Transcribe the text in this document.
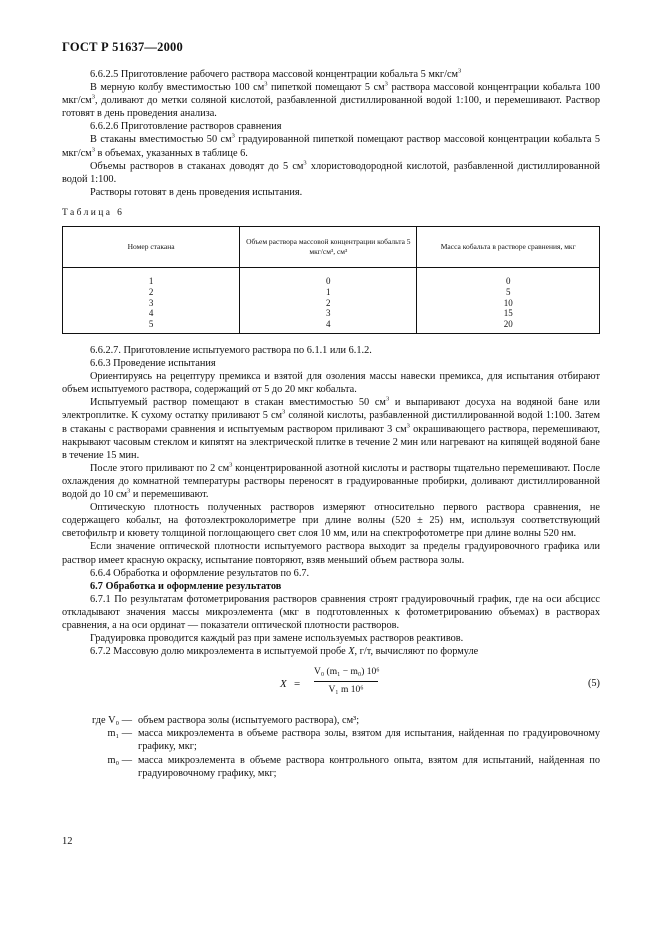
ГОСТ Р 51637—2000

6.6.2.5 Приготовление рабочего раствора массовой концентрации кобальта 5 мкг/$см^3$

В мерную колбу вместимостью 100 $см^3$ пипеткой помещают 5 $см^3$ раствора массовой концентрации кобальта 100 мкг/$см^3$, доливают до метки соляной кислотой, разбавленной дистиллированной водой 1:100, и перемешивают. Раствор готовят в день проведения анализа.

6.6.2.6 Приготовление растворов сравнения

В стаканы вместимостью 50 $см^3$ градуированной пипеткой помещают раствор массовой концентрации кобальта 5 мкг/$см^3$ в объемах, указанных в таблице 6.

Объемы растворов в стаканах доводят до 5 $см^3$ хлористоводородной кислотой, разбавленной дистиллированной водой 1:100.

Растворы готовят в день проведения испытания.

Таблица 6
Номер стакана	Объем раствора массовой концентрации кобальта 5 мкг/см³, см³	Масса кобальта в растворе сравнения, мкг

1	0	0
2	1	5
3	2	10
4	3	15
5	4	20

6.6.2.7. Приготовление испытуемого раствора по 6.1.1 или 6.1.2.

6.6.3 Проведение испытания

Ориентируясь на рецептуру премикса и взятой для озоления массы навески премикса, для испытания отбирают объем испытуемого раствора, содержащий от 5 до 20 мкг кобальта.

Испытуемый раствор помещают в стакан вместимостью 50 $см^3$ и выпаривают досуха на водяной бане или электроплитке. К сухому остатку приливают 5 $см^3$ соляной кислоты, разбавленной дистиллированной водой 1:100. Затем в стаканы с растворами сравнения и испытуемым раствором приливают 3 $см^3$ окрашивающего раствора, перемешивают, накрывают часовым стеклом и кипятят на электрической плитке в течение 2 мин или нагревают на кипящей водяной бане в течение 15 мин.

После этого приливают по 2 $см^3$ концентрированной азотной кислоты и растворы тщательно перемешивают. После охлаждения до комнатной температуры растворы переносят в градуированные пробирки, доливают дистиллированной водой до 10 $см^3$ и перемешивают.

Оптическую плотность полученных растворов измеряют относительно первого раствора сравнения, не содержащего кобальт, на фотоэлектроколориметре при длине волны (520 ± 25) нм, используя соответствующий светофильтр и кювету толщиной поглощающего свет слоя 10 мм, или на спектрофотометре при длине волны 520 нм.

Если значение оптической плотности испытуемого раствора выходит за пределы градуировочного графика или раствор имеет красную окраску, испытание повторяют, взяв меньший объем раствора золы.

6.6.4 Обработка и оформление результатов по 6.7.

6.7 Обработка и оформление результатов

6.7.1 По результатам фотометрирования растворов сравнения строят градуировочный график, где на оси абсцисс откладывают значения массы микроэлемента (мкг в подготовленных к фотометрированию объемах) в растворах сравнения, а на оси ординат — показатели оптической плотности растворов.

Градуировка проводится каждый раз при замене используемых растворов реактивов.

6.7.2 Массовую долю микроэлемента в испытуемой пробе X, г/т, вычисляют по формуле

$X = \frac{\text{V₀ (m₁ − m₀) 10⁶}}{\text{V₁ m 10⁶}}$	(5)
где V₀ — объем раствора золы (испытуемого раствора), см³;
m₁ — масса микроэлемента в объеме раствора золы, взятом для испытания, найденная по градуировочному графику, мкг;
m₀ — масса микроэлемента в объеме раствора контрольного опыта, взятом для испытаний, найденная по градуировочному графику, мкг;
12
